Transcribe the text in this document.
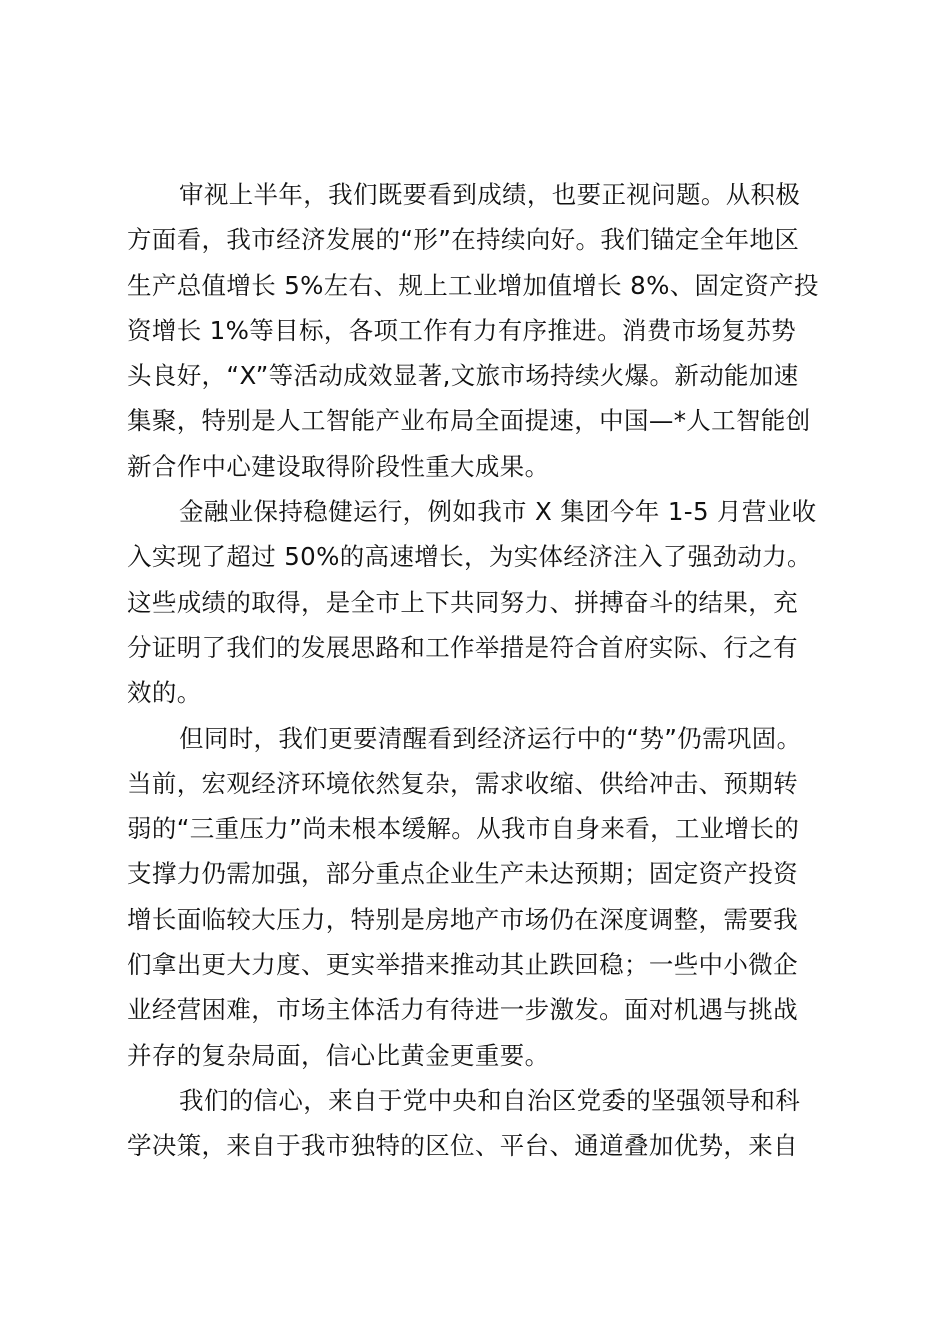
审视上半年，我们既要看到成绩，也要正视问题。从积极
方面看，我市经济发展的“形”在持续向好。我们锚定全年地区
生产总值增长 5%左右、规上工业增加值增长 8%、固定资产投
资增长 1%等目标，各项工作有力有序推进。消费市场复苏势
头良好，“X”等活动成效显著,文旅市场持续火爆。新动能加速
集聚，特别是人工智能产业布局全面提速，中国—*人工智能创
新合作中心建设取得阶段性重大成果。

金融业保持稳健运行，例如我市 X 集团今年 1-5 月营业收
入实现了超过 50%的高速增长，为实体经济注入了强劲动力。
这些成绩的取得，是全市上下共同努力、拼搏奋斗的结果，充
分证明了我们的发展思路和工作举措是符合首府实际、行之有
效的。

但同时，我们更要清醒看到经济运行中的“势”仍需巩固。
当前，宏观经济环境依然复杂，需求收缩、供给冲击、预期转
弱的“三重压力”尚未根本缓解。从我市自身来看，工业增长的
支撑力仍需加强，部分重点企业生产未达预期；固定资产投资
增长面临较大压力，特别是房地产市场仍在深度调整，需要我
们拿出更大力度、更实举措来推动其止跌回稳；一些中小微企
业经营困难，市场主体活力有待进一步激发。面对机遇与挑战
并存的复杂局面，信心比黄金更重要。

我们的信心，来自于党中央和自治区党委的坚强领导和科
学决策，来自于我市独特的区位、平台、通道叠加优势，来自
